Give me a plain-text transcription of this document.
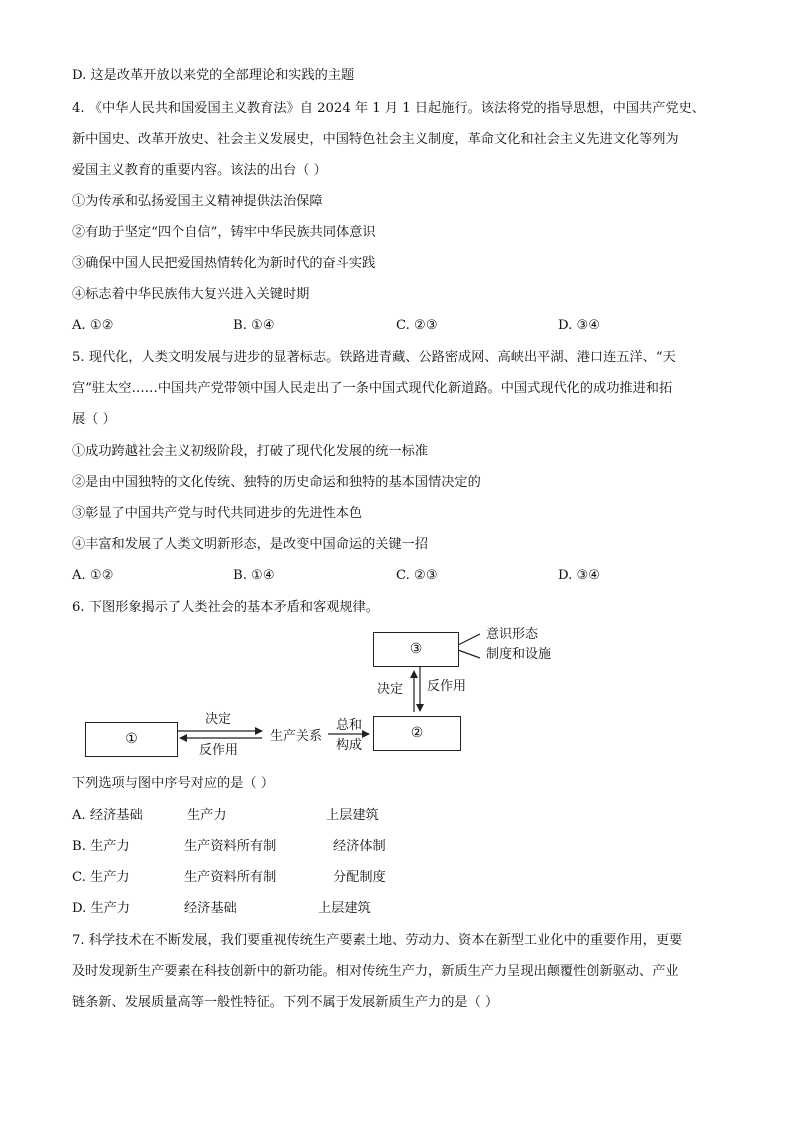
D. 这是改革开放以来党的全部理论和实践的主题
4. 《中华人民共和国爱国主义教育法》自 2024 年 1 月 1 日起施行。该法将党的指导思想，中国共产党史、
新中国史、改革开放史、社会主义发展史，中国特色社会主义制度，革命文化和社会主义先进文化等列为
爱国主义教育的重要内容。该法的出台（ ）
①为传承和弘扬爱国主义精神提供法治保障
②有助于坚定“四个自信”，铸牢中华民族共同体意识
③确保中国人民把爱国热情转化为新时代的奋斗实践
④标志着中华民族伟大复兴进入关键时期
A. ①②	B. ①④	C. ②③	D. ③④
5. 现代化，人类文明发展与进步的显著标志。铁路进青藏、公路密成网、高峡出平湖、港口连五洋、“天
宫”驻太空……中国共产党带领中国人民走出了一条中国式现代化新道路。中国式现代化的成功推进和拓
展（ ）
①成功跨越社会主义初级阶段，打破了现代化发展的统一标准
②是由中国独特的文化传统、独特的历史命运和独特的基本国情决定的
③彰显了中国共产党与时代共同进步的先进性本色
④丰富和发展了人类文明新形态，是改变中国命运的关键一招
A. ①②	B. ①④	C. ②③	D. ③④
6. 下图形象揭示了人类社会的基本矛盾和客观规律。
③
②
①
意识形态
制度和设施
决定 反作用
决定
反作用
生产关系
总和
构成
下列选项与图中序号对应的是（ ）
A. 经济基础	生产力	上层建筑
B. 生产力	生产资料所有制	经济体制
C. 生产力	生产资料所有制	分配制度
D. 生产力	经济基础	上层建筑
7. 科学技术在不断发展，我们要重视传统生产要素土地、劳动力、资本在新型工业化中的重要作用，更要
及时发现新生产要素在科技创新中的新功能。相对传统生产力，新质生产力呈现出颠覆性创新驱动、产业
链条新、发展质量高等一般性特征。下列不属于发展新质生产力的是（ ）
